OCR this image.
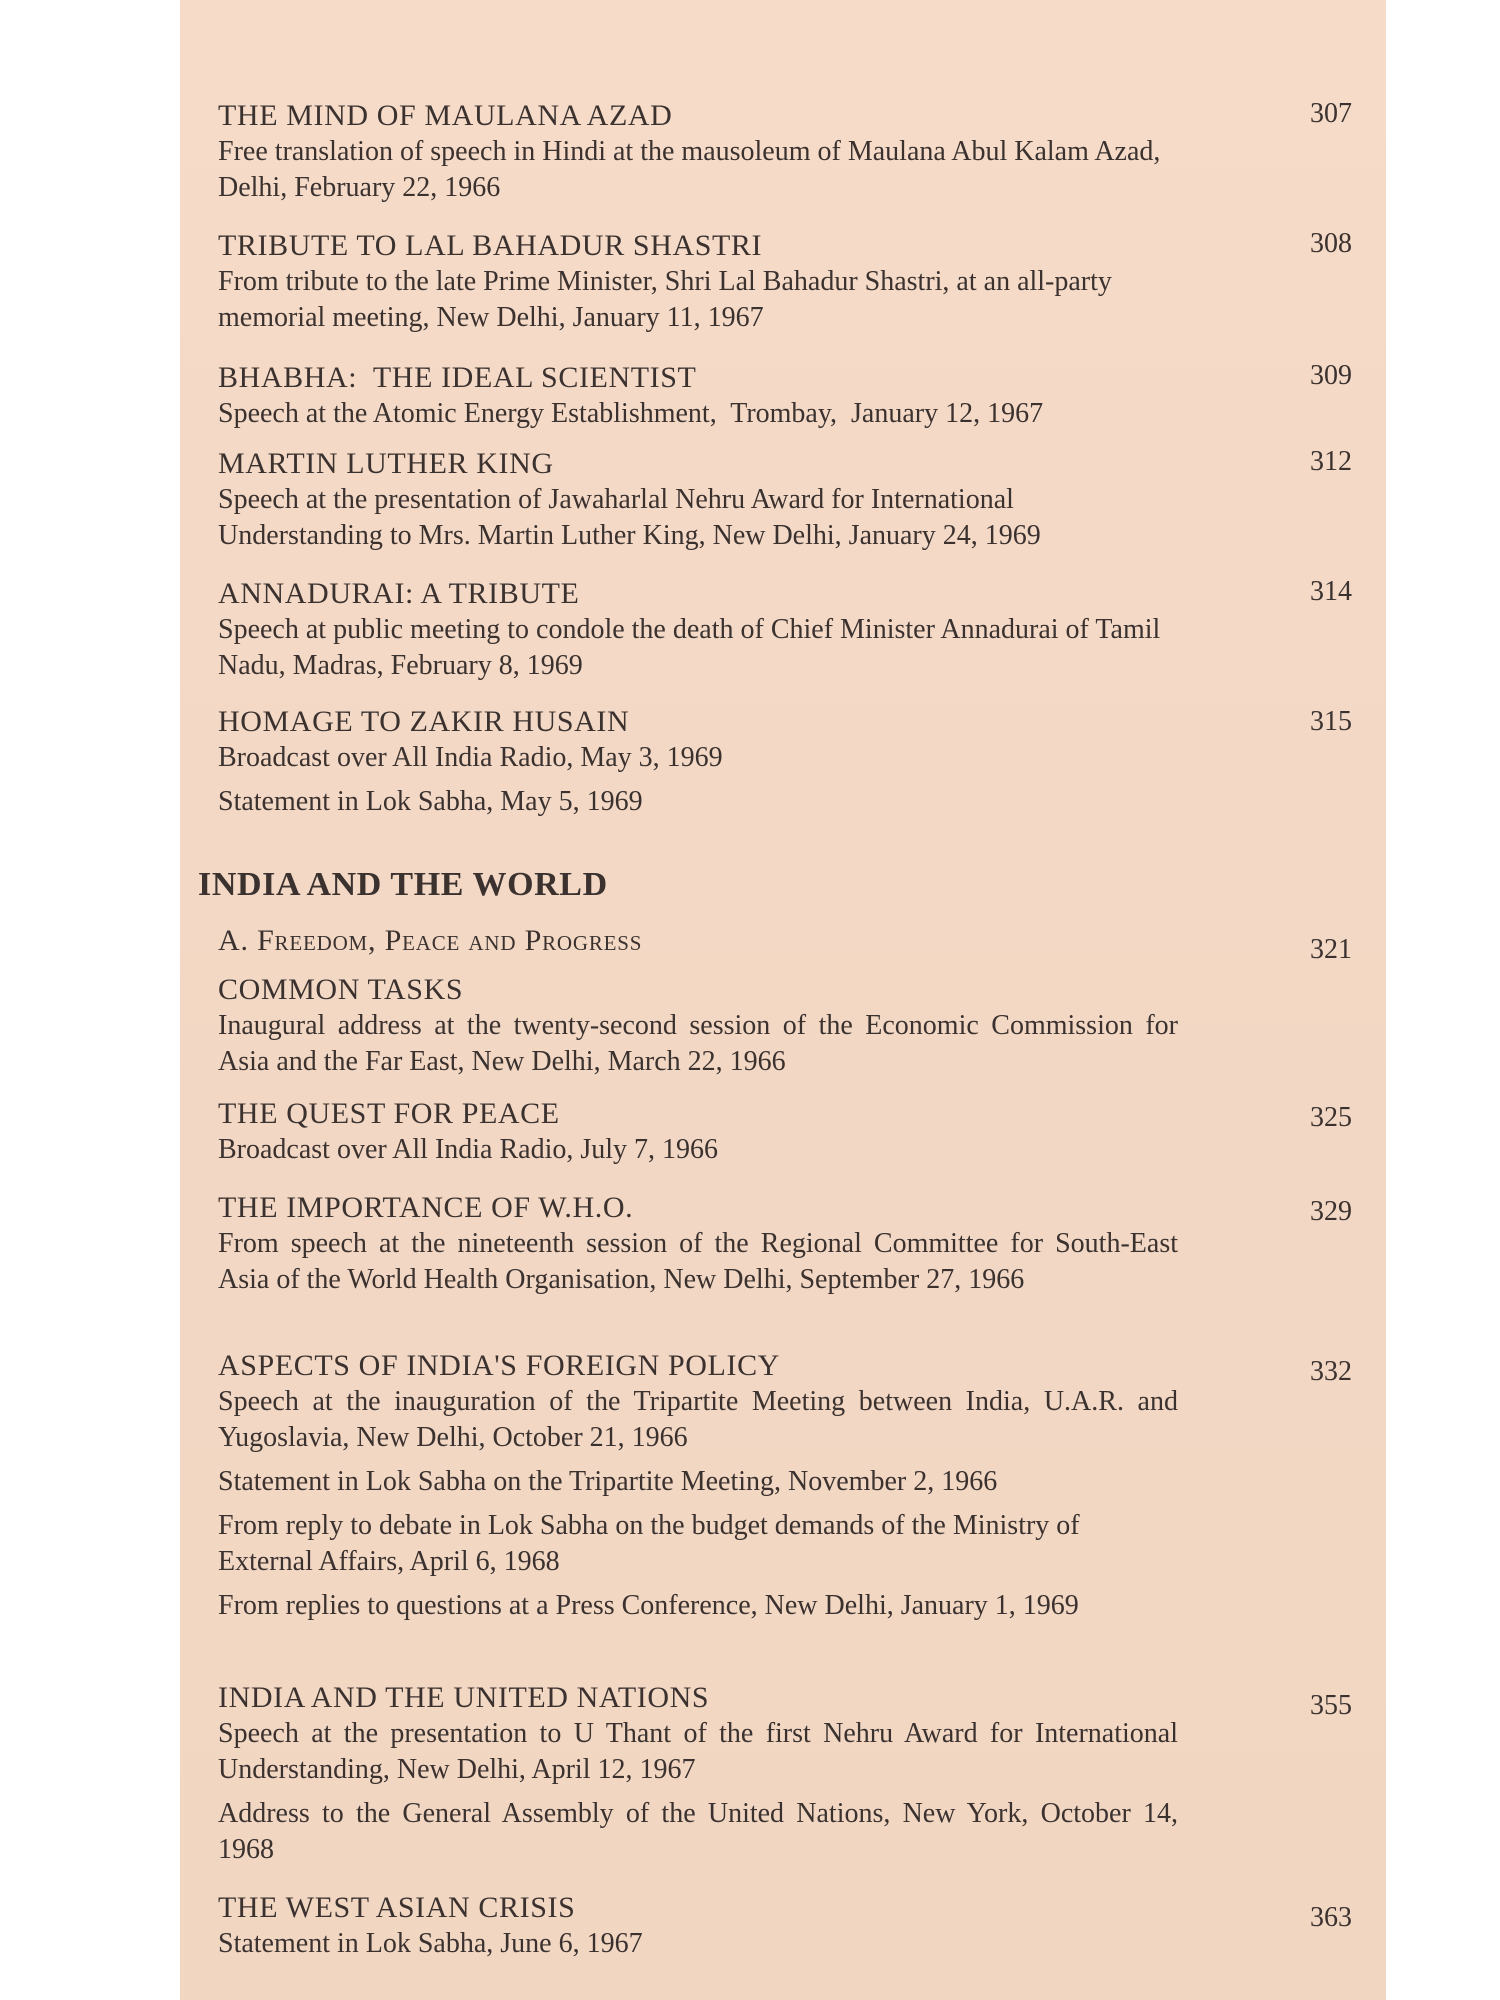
THE MIND OF MAULANA AZAD
Free translation of speech in Hindi at the mausoleum of Maulana Abul Kalam Azad, Delhi, February 22, 1966
307
TRIBUTE TO LAL BAHADUR SHASTRI
From tribute to the late Prime Minister, Shri Lal Bahadur Shastri, at an all-party memorial meeting, New Delhi, January 11, 1967
308
BHABHA:  THE IDEAL SCIENTIST
Speech at the Atomic Energy Establishment,  Trombay,  January 12, 1967
309
MARTIN LUTHER KING
Speech at the presentation of Jawaharlal Nehru Award for International Understanding to Mrs. Martin Luther King, New Delhi, January 24, 1969
312
ANNADURAI: A TRIBUTE
Speech at public meeting to condole the death of Chief Minister Annadurai of Tamil Nadu, Madras, February 8, 1969
314
HOMAGE TO ZAKIR HUSAIN
Broadcast over All India Radio, May 3, 1969
Statement in Lok Sabha, May 5, 1969
315
INDIA AND THE WORLD
A. Freedom, Peace and Progress	321
COMMON TASKS
Inaugural address at the twenty-second session of the Economic Commission for Asia and the Far East, New Delhi, March 22, 1966
THE QUEST FOR PEACE
Broadcast over All India Radio, July 7, 1966
325
THE IMPORTANCE OF W.H.O.
From speech at the nineteenth session of the Regional Committee for South-East Asia of the World Health Organisation, New Delhi, September 27, 1966
329
ASPECTS OF INDIA'S FOREIGN POLICY
Speech at the inauguration of the Tripartite Meeting between India, U.A.R. and Yugoslavia, New Delhi, October 21, 1966
Statement in Lok Sabha on the Tripartite Meeting, November 2, 1966
From reply to debate in Lok Sabha on the budget demands of the Ministry of External Affairs, April 6, 1968
From replies to questions at a Press Conference, New Delhi, January 1, 1969
332
INDIA AND THE UNITED NATIONS
Speech at the presentation to U Thant of the first Nehru Award for International Understanding, New Delhi, April 12, 1967
Address to the General Assembly of the United Nations, New York, October 14, 1968
355
THE WEST ASIAN CRISIS
Statement in Lok Sabha, June 6, 1967
363
